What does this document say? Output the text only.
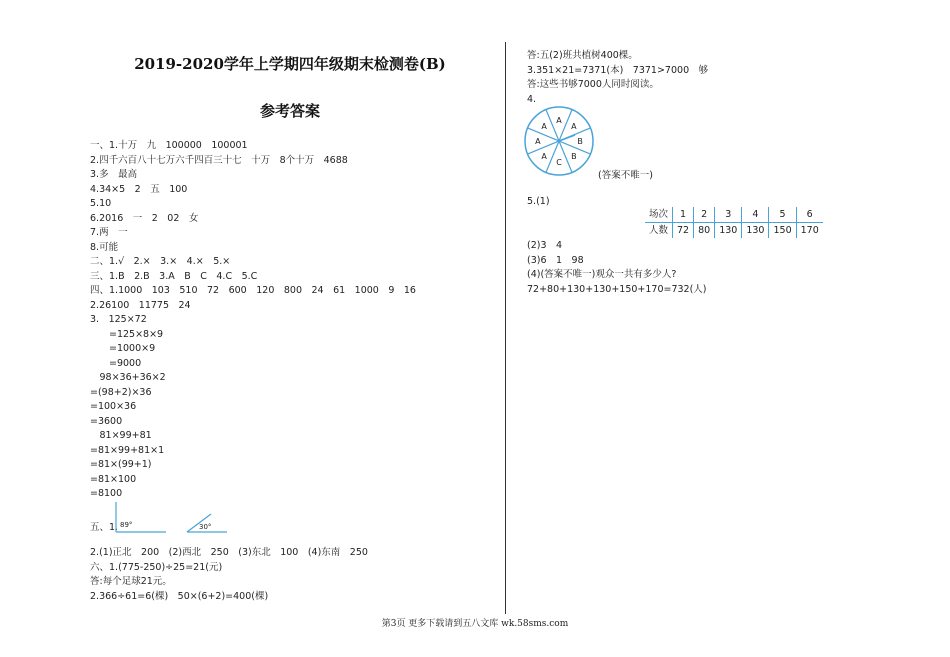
2019-2020学年上学期四年级期末检测卷(B)
参考答案
一、1.十万　九　100000　100001
2.四千六百八十七万六千四百三十七　十万　8个十万　4688
3.多　最高
4.34×5　2　五　100
5.10
6.2016　一　2　02　女
7.两　一
8.可能
二、1.√　2.×　3.×　4.×　5.×
三、1.B　2.B　3.A　B　C　4.C　5.C
四、1.1000　103　510　72　600　120　800　24　61　1000　9　16
2.26100　11775　24
3.　125×72
　　=125×8×9
　　=1000×9
　　=9000
　98×36+36×2
=(98+2)×36
=100×36
=3600
　81×99+81
=81×99+81×1
=81×(99+1)
=81×100
=8100
五、1. 89°	30°
2.(1)正北　200　(2)西北　250　(3)东北　100　(4)东南　250
六、1.(775-250)÷25=21(元)
答:每个足球21元。
2.366÷61=6(棵)　50×(6+2)=400(棵)
答:五(2)班共植树400棵。
3.351×21=7371(本)　7371>7000　够
答:这些书够7000人同时阅读。
4.
A
A
B
B
C
A
A
A
(答案不唯一)
5.(1)
场次	1	2	3	4	5	6
人数	72	80	130	130	150	170
(2)3　4
(3)6　1　98
(4)(答案不唯一)观众一共有多少人?
72+80+130+130+150+170=732(人)
第3页 更多下载请到五八文库 wk.58sms.com
